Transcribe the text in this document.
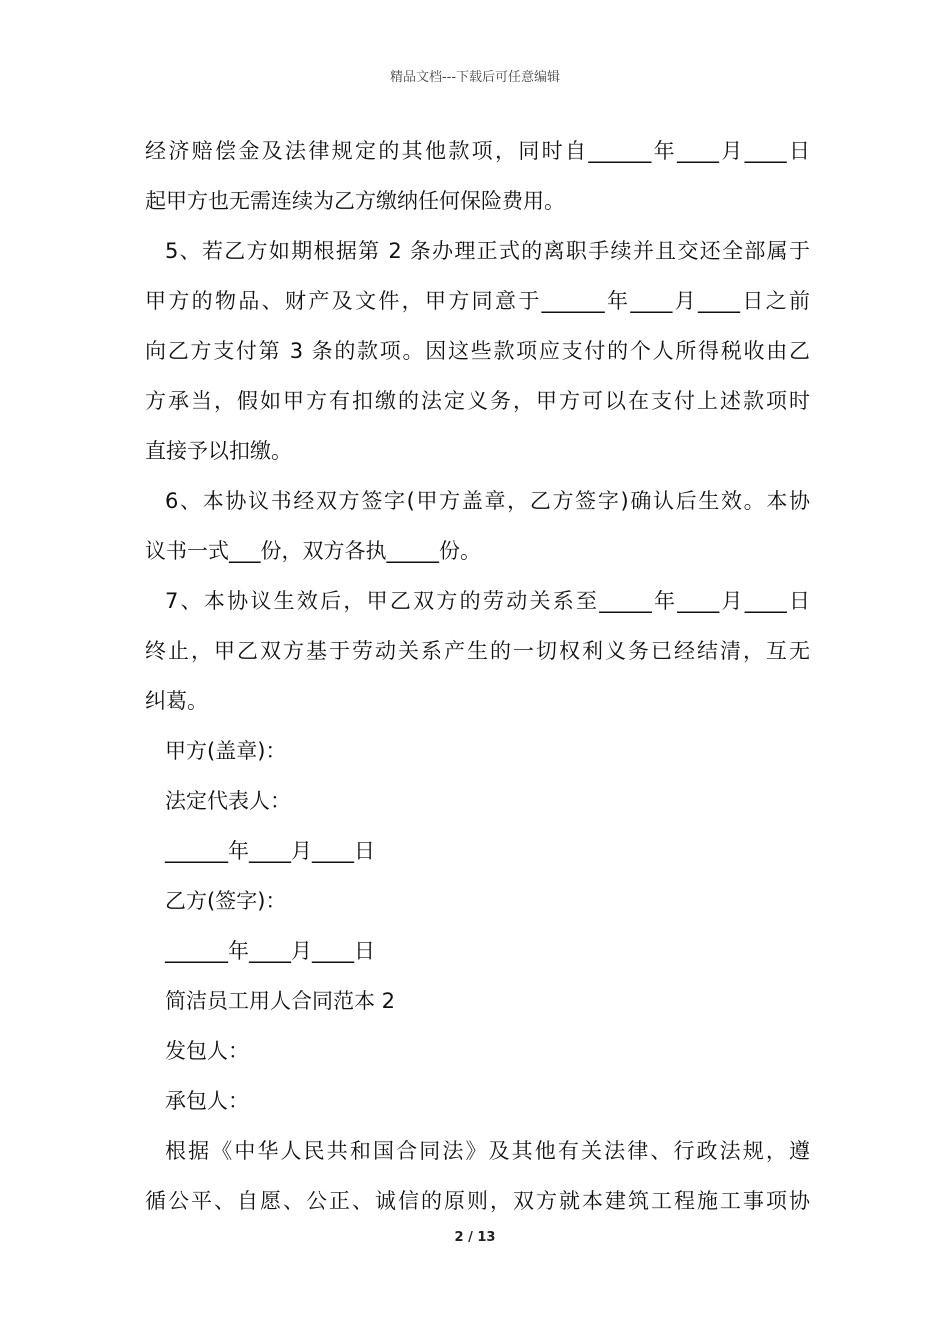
精品文档---下载后可任意编辑
经济赔偿金及法律规定的其他款项，同时自______年____月____日
起甲方也无需连续为乙方缴纳任何保险费用。
5、若乙方如期根据第 2 条办理正式的离职手续并且交还全部属于
甲方的物品、财产及文件，甲方同意于______年____月____日之前
向乙方支付第 3 条的款项。因这些款项应支付的个人所得税收由乙
方承当，假如甲方有扣缴的法定义务，甲方可以在支付上述款项时
直接予以扣缴。
6、本协议书经双方签字(甲方盖章，乙方签字)确认后生效。本协
议书一式___份，双方各执_____份。
7、本协议生效后，甲乙双方的劳动关系至_____年____月____日
终止，甲乙双方基于劳动关系产生的一切权利义务已经结清，互无
纠葛。
甲方(盖章)：
法定代表人：
______年____月____日
乙方(签字)：
______年____月____日
简洁员工用人合同范本 2
发包人：
承包人：
根据《中华人民共和国合同法》及其他有关法律、行政法规，遵
循公平、自愿、公正、诚信的原则，双方就本建筑工程施工事项协
2 / 13
